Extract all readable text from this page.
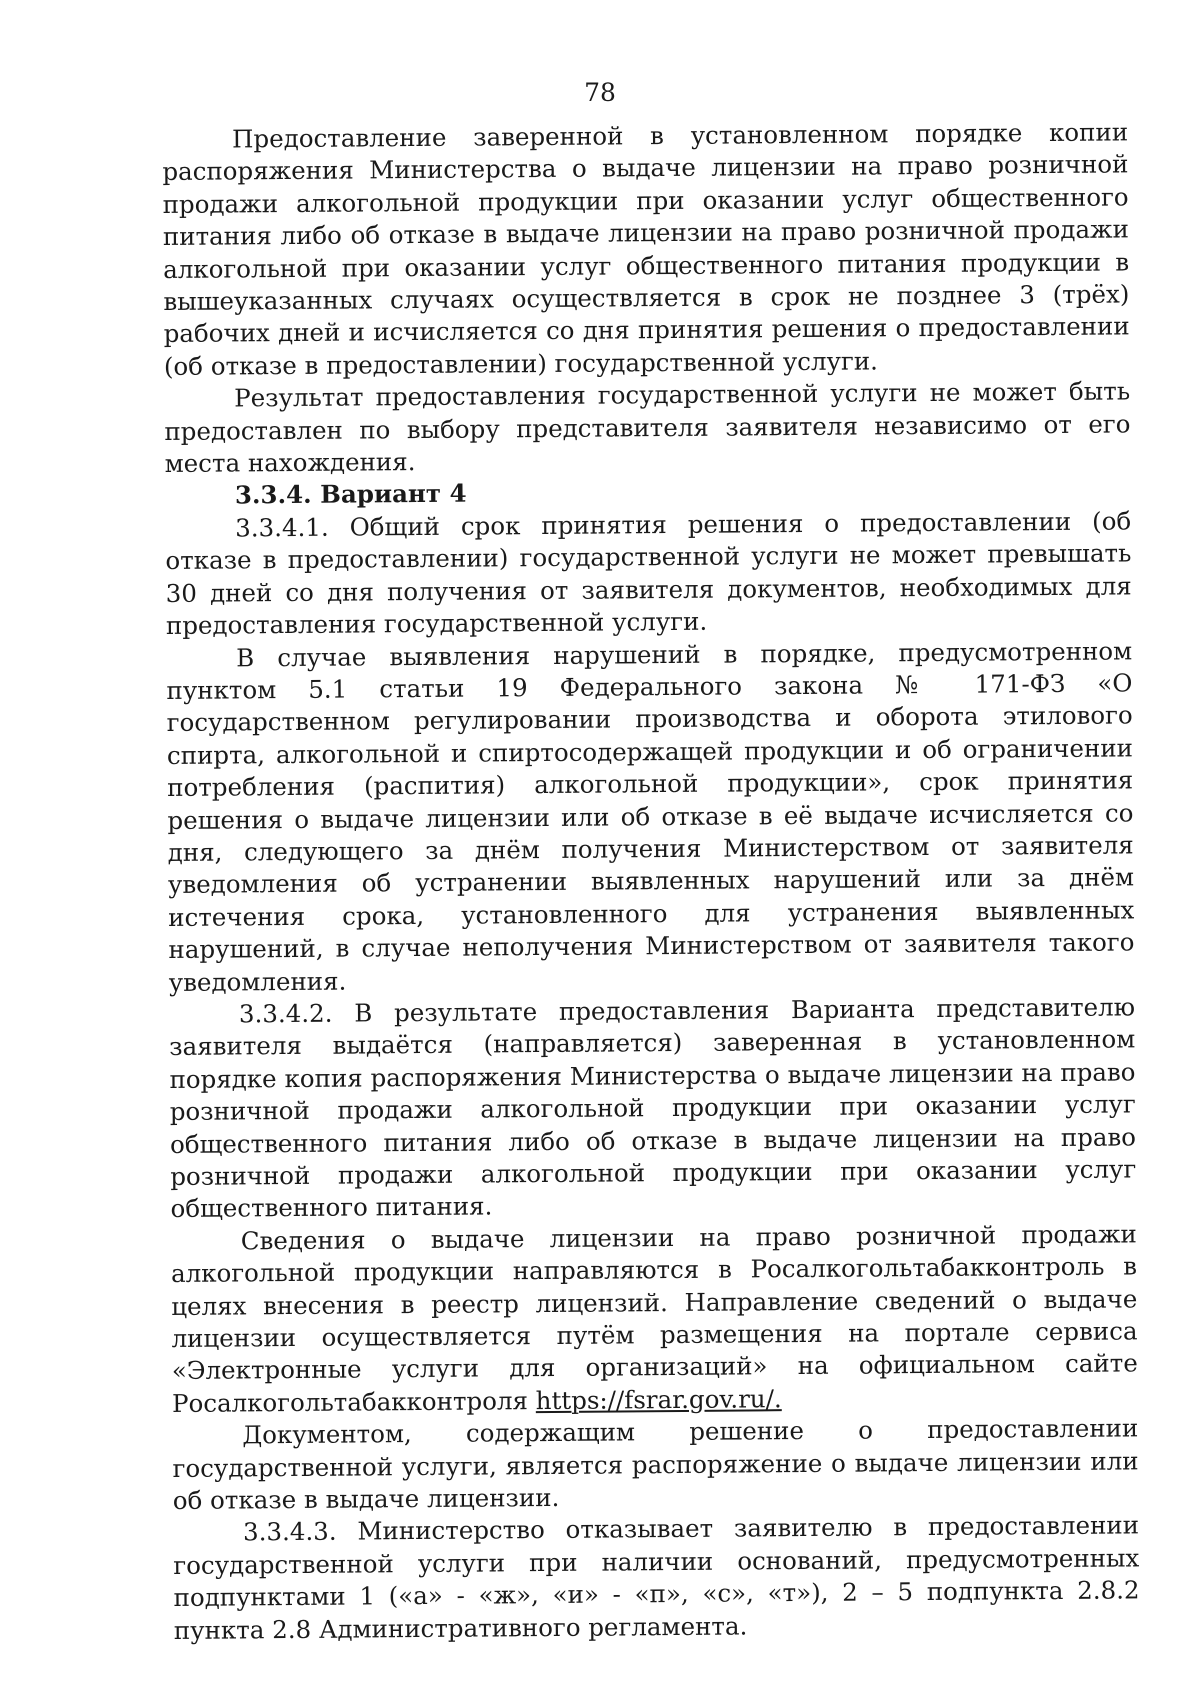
78

Предоставление заверенной в установленном порядке копии распоряжения Министерства о выдаче лицензии на право розничной продажи алкогольной продукции при оказании услуг общественного питания либо об отказе в выдаче лицензии на право розничной продажи алкогольной при оказании услуг общественного питания продукции в вышеуказанных случаях осуществляется в срок не позднее 3 (трёх) рабочих дней и исчисляется со дня принятия решения о предоставлении (об отказе в предоставлении) государственной услуги.

Результат предоставления государственной услуги не может быть предоставлен по выбору представителя заявителя независимо от его места нахождения.

3.3.4. Вариант 4

3.3.4.1. Общий срок принятия решения о предоставлении (об отказе в предоставлении) государственной услуги не может превышать 30 дней со дня получения от заявителя документов, необходимых для предоставления государственной услуги.

В случае выявления нарушений в порядке, предусмотренном пунктом 5.1 статьи 19 Федерального закона № 171-ФЗ «О государственном регулировании производства и оборота этилового спирта, алкогольной и спиртосодержащей продукции и об ограничении потребления (распития) алкогольной продукции», срок принятия решения о выдаче лицензии или об отказе в её выдаче исчисляется со дня, следующего за днём получения Министерством от заявителя уведомления об устранении выявленных нарушений или за днём истечения срока, установленного для устранения выявленных нарушений, в случае неполучения Министерством от заявителя такого уведомления.

3.3.4.2. В результате предоставления Варианта представителю заявителя выдаётся (направляется) заверенная в установленном порядке копия распоряжения Министерства о выдаче лицензии на право розничной продажи алкогольной продукции при оказании услуг общественного питания либо об отказе в выдаче лицензии на право розничной продажи алкогольной продукции при оказании услуг общественного питания.

Сведения о выдаче лицензии на право розничной продажи алкогольной продукции направляются в Росалкогольтабакконтроль в целях внесения в реестр лицензий. Направление сведений о выдаче лицензии осуществляется путём размещения на портале сервиса «Электронные услуги для организаций» на официальном сайте Росалкогольтабакконтроля https://fsrar.gov.ru/.

Документом, содержащим решение о предоставлении государственной услуги, является распоряжение о выдаче лицензии или об отказе в выдаче лицензии.

3.3.4.3. Министерство отказывает заявителю в предоставлении государственной услуги при наличии оснований, предусмотренных подпунктами 1 («а» - «ж», «и» - «п», «с», «т»), 2 – 5 подпункта 2.8.2 пункта 2.8 Административного регламента.
